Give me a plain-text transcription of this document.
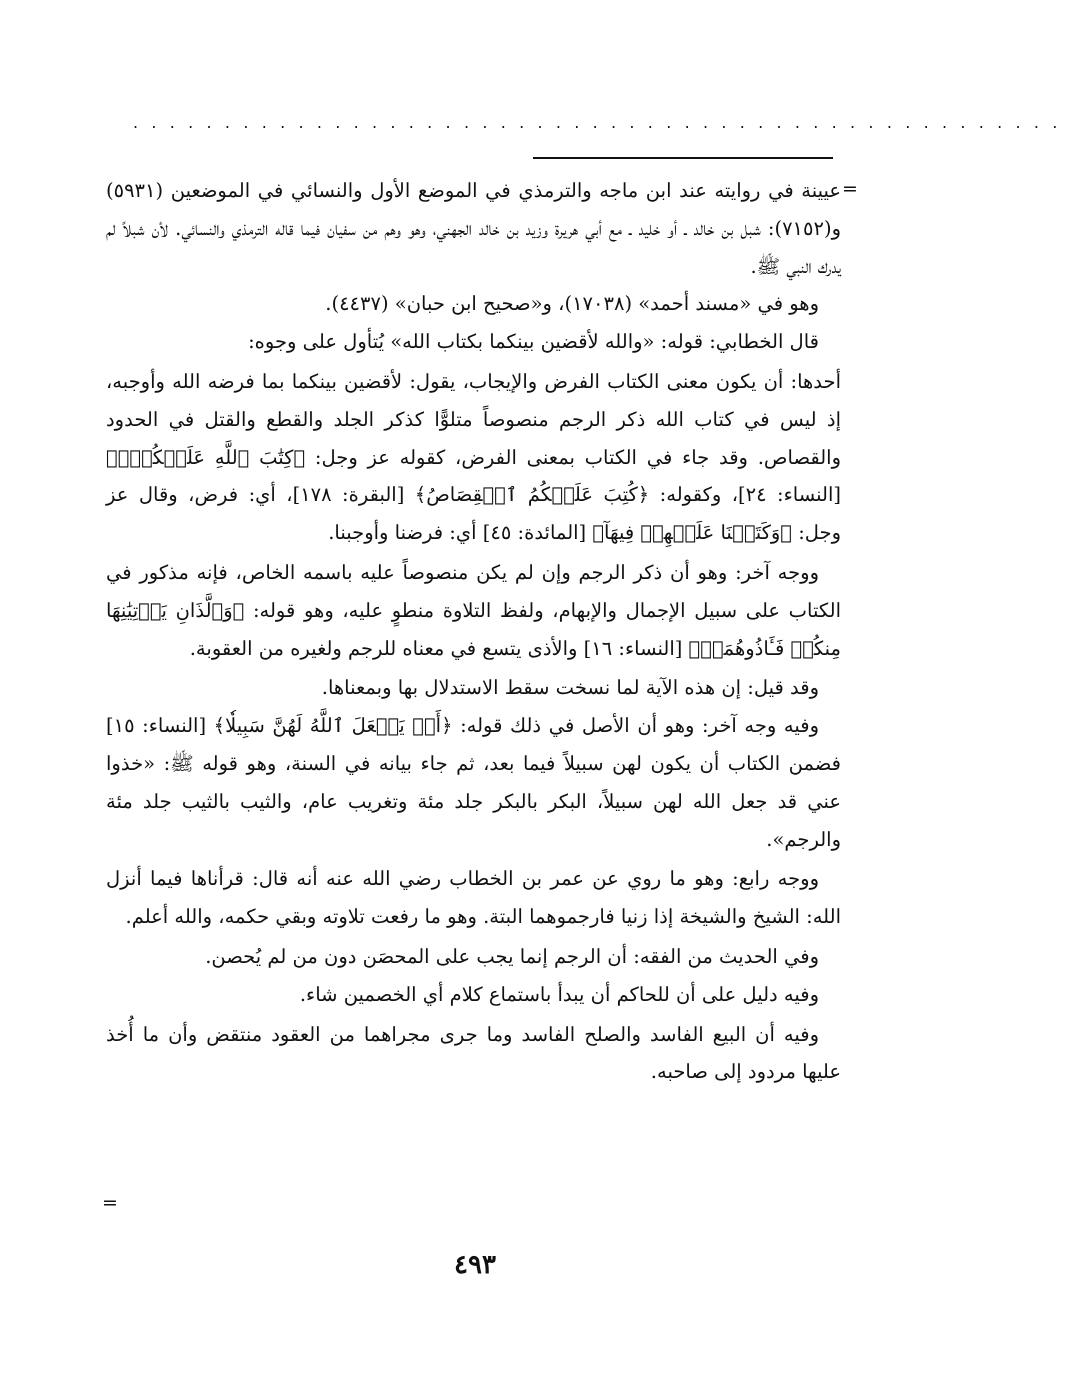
...................................................
=

عيينة في روايته عند ابن ماجه والترمذي في الموضع الأول والنسائي في الموضعين (٥٩٣١) و(٧١٥٢): شبل بن خالد ـ أو خليد ـ مع أبي هريرة وزيد بن خالد الجهني، وهو وهم من سفيان فيما قاله الترمذي والنسائي. لأن شبلاً لم يدرك النبي ﷺ.

وهو في «مسند أحمد» (١٧٠٣٨)، و«صحيح ابن حبان» (٤٤٣٧).

قال الخطابي: قوله: «والله لأقضين بينكما بكتاب الله» يُتأول على وجوه:

أحدها: أن يكون معنى الكتاب الفرض والإيجاب، يقول: لأقضين بينكما بما فرضه الله وأوجبه، إذ ليس في كتاب الله ذكر الرجم منصوصاً متلوًّا كذكر الجلد والقطع والقتل في الحدود والقصاص. وقد جاء في الكتاب بمعنى الفرض، كقوله عز وجل: ﴿كِتَٰبَ ٱللَّهِ عَلَيۡكُمۡۚ﴾ [النساء: ٢٤]، وكقوله: ﴿كُتِبَ عَلَيۡكُمُ ٱلۡقِصَاصُ﴾ [البقرة: ١٧٨]، أي: فرض، وقال عز وجل: ﴿وَكَتَبۡنَا عَلَيۡهِمۡ فِيهَآ﴾ [المائدة: ٤٥] أي: فرضنا وأوجبنا.

ووجه آخر: وهو أن ذكر الرجم وإن لم يكن منصوصاً عليه باسمه الخاص، فإنه مذكور في الكتاب على سبيل الإجمال والإبهام، ولفظ التلاوة منطوٍ عليه، وهو قوله: ﴿وَٱلَّذَانِ يَأۡتِيَٰنِهَا مِنكُمۡ فَـَٔاذُوهُمَاۖ﴾ [النساء: ١٦] والأذى يتسع في معناه للرجم ولغيره من العقوبة.

وقد قيل: إن هذه الآية لما نسخت سقط الاستدلال بها وبمعناها.

وفيه وجه آخر: وهو أن الأصل في ذلك قوله: ﴿أَوۡ يَجۡعَلَ ٱللَّهُ لَهُنَّ سَبِيلٗا﴾ [النساء: ١٥] فضمن الكتاب أن يكون لهن سبيلاً فيما بعد، ثم جاء بيانه في السنة، وهو قوله ﷺ: «خذوا عني قد جعل الله لهن سبيلاً، البكر بالبكر جلد مئة وتغريب عام، والثيب بالثيب جلد مئة والرجم».

ووجه رابع: وهو ما روي عن عمر بن الخطاب رضي الله عنه أنه قال: قرأناها فيما أنزل الله: الشيخ والشيخة إذا زنيا فارجموهما البتة. وهو ما رفعت تلاوته وبقي حكمه، والله أعلم.

وفي الحديث من الفقه: أن الرجم إنما يجب على المحصَن دون من لم يُحصن.

وفيه دليل على أن للحاكم أن يبدأ باستماع كلام أي الخصمين شاء.

وفيه أن البيع الفاسد والصلح الفاسد وما جرى مجراهما من العقود منتقض وأن ما أُخذ عليها مردود إلى صاحبه.

=
٤٩٣
